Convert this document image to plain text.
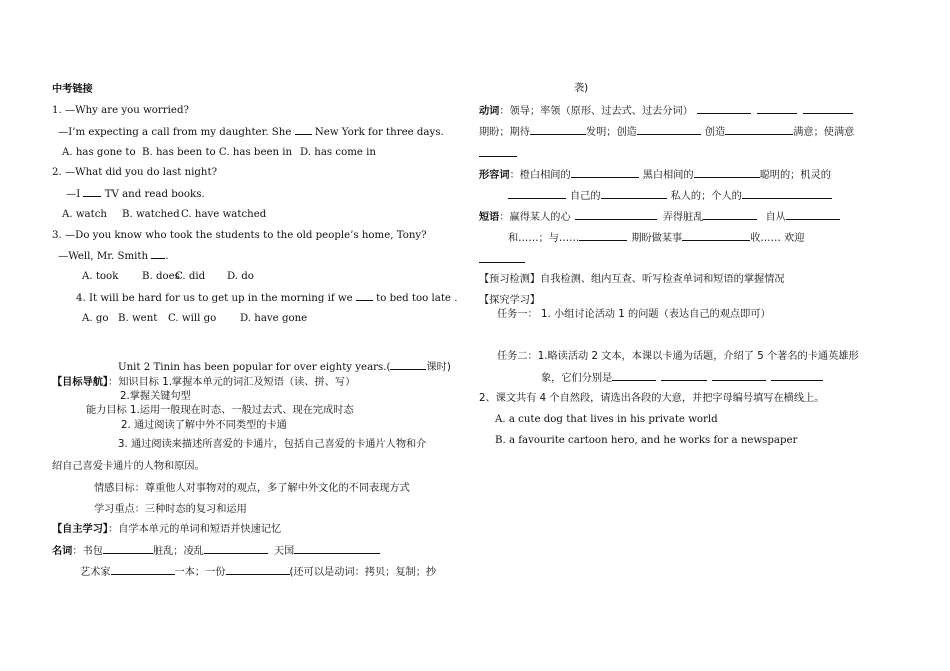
中考链接
1. —Why are you worried?
—I’m expecting a call from my daughter. She New York for three days.
A. has gone to B. has been to C. has been in D. has come in
2. —What did you do last night?
—I TV and read books.
A. watch B. watched C. have watched
3. —Do you know who took the students to the old people’s home, Tony?
—Well, Mr. Smith .
A. took B. does
C. did D. do
4. It will be hard for us to get up in the morning if we to bed too late .
A. go B. went C. will go D. have gone
Unit 2 Tinin has been popular for over eighty years.(	课时)
【目标导航】：知识目标 1.掌握本单元的词汇及短语（读、拼、写）
2.掌握关键句型
能力目标 1.运用一般现在时态、一般过去式、现在完成时态
2. 通过阅读了解中外不同类型的卡通
3. 通过阅读来描述所喜爱的卡通片，包括自己喜爱的卡通片人物和介
绍自己喜爱卡通片的人物和原因。
情感目标：尊重他人对事物对的观点，多了解中外文化的不同表现方式
学习重点：三种时态的复习和运用
【自主学习】：自学本单元的单词和短语并快速记忆
名词：书包	脏乱；凌乱	天国
艺术家	一本；一份	(还可以是动词：拷贝；复制；抄
袭)
动词：领导；率领（原形、过去式、过去分词）
期盼；期待	发明；创造	创造	满意；使满意
形容词：橙白相间的	黑白相间的	聪明的；机灵的
自己的	私人的；个人的
短语：赢得某人的心	弄得脏乱	自从
和……；与……	期盼做某事	收…… 欢迎
【预习检测】自我检测、组内互查、听写检查单词和短语的掌握情况
【探究学习】
任务一： 1. 小组讨论活动 1 的问题（表达自己的观点即可）
任务二：1.略读活动 2 文本，本课以卡通为话题，介绍了 5 个著名的卡通英雄形
象，它们分别是
2、课文共有 4 个自然段，请选出各段的大意，并把字母编号填写在横线上。
A. a cute dog that lives in his private world
B. a favourite cartoon hero, and he works for a newspaper
